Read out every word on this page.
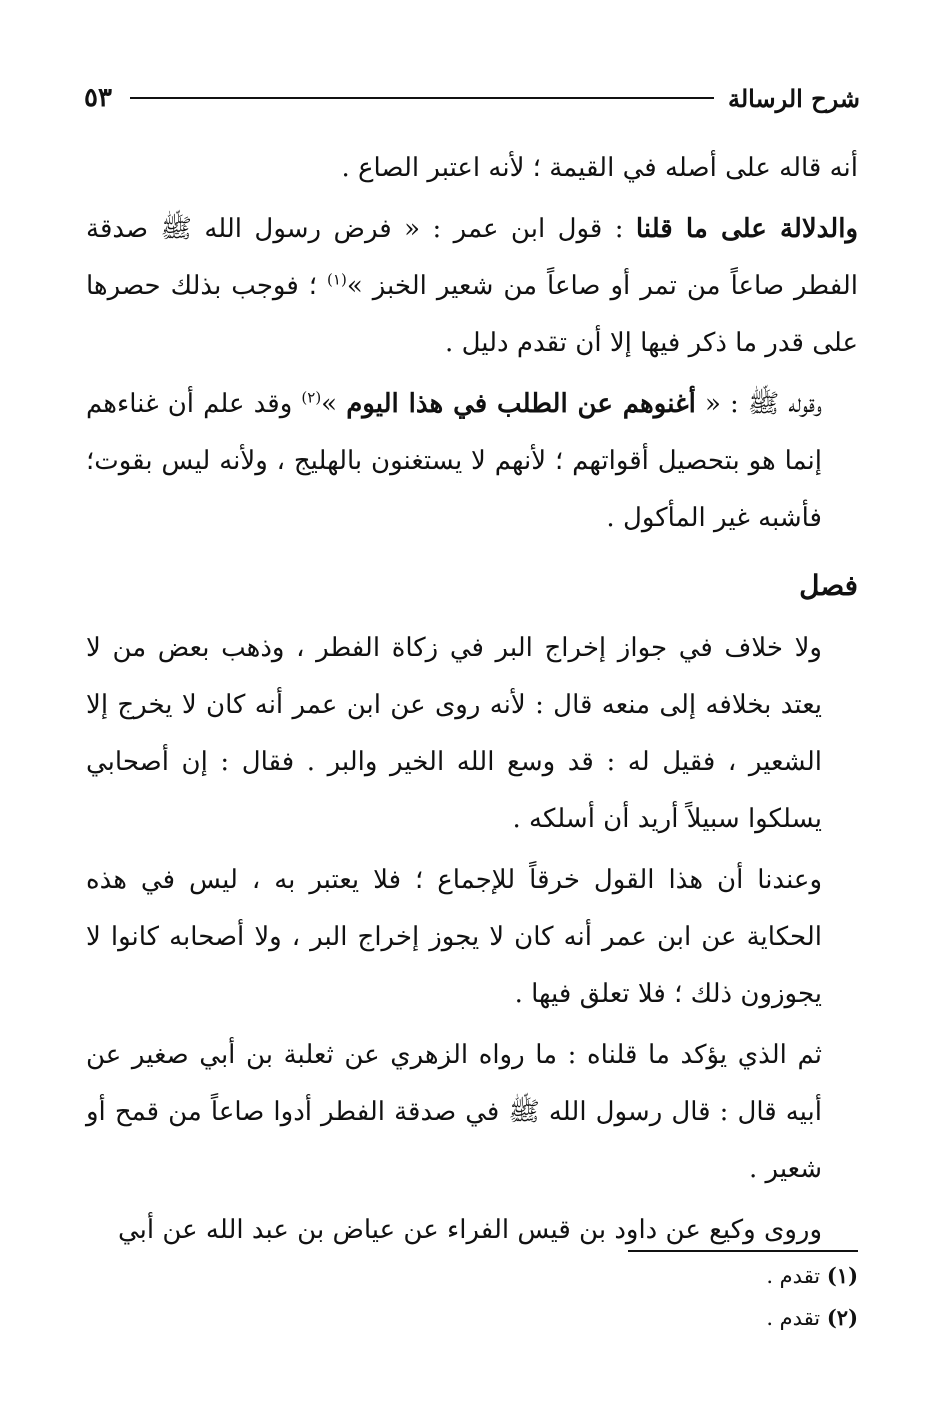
شرح الرسالة
٥٣

أنه قاله على أصله في القيمة ؛ لأنه اعتبر الصاع .

والدلالة على ما قلنا : قول ابن عمر : « فرض رسول الله ﷺ صدقة الفطر صاعاً من تمر أو صاعاً من شعير الخبز »$^{(١)}$ ؛ فوجب بذلك حصرها على قدر ما ذكر فيها إلا أن تقدم دليل .

وقوله ﷺ : « أغنوهم عن الطلب في هذا اليوم »$^{(٢)}$ وقد علم أن غناءهم إنما هو بتحصيل أقواتهم ؛ لأنهم لا يستغنون بالهليج ، ولأنه ليس بقوت؛ فأشبه غير المأكول .

فصل

ولا خلاف في جواز إخراج البر في زكاة الفطر ، وذهب بعض من لا يعتد بخلافه إلى منعه قال : لأنه روى عن ابن عمر أنه كان لا يخرج إلا الشعير ، فقيل له : قد وسع الله الخير والبر . فقال : إن أصحابي يسلكوا سبيلاً أريد أن أسلكه .

وعندنا أن هذا القول خرقاً للإجماع ؛ فلا يعتبر به ، ليس في هذه الحكاية عن ابن عمر أنه كان لا يجوز إخراج البر ، ولا أصحابه كانوا لا يجوزون ذلك ؛ فلا تعلق فيها .

ثم الذي يؤكد ما قلناه : ما رواه الزهري عن ثعلبة بن أبي صغير عن أبيه قال : قال رسول الله ﷺ في صدقة الفطر أدوا صاعاً من قمح أو شعير .

وروى وكيع عن داود بن قيس الفراء عن عياض بن عبد الله عن أبي

(١) تقدم .

(٢) تقدم .
